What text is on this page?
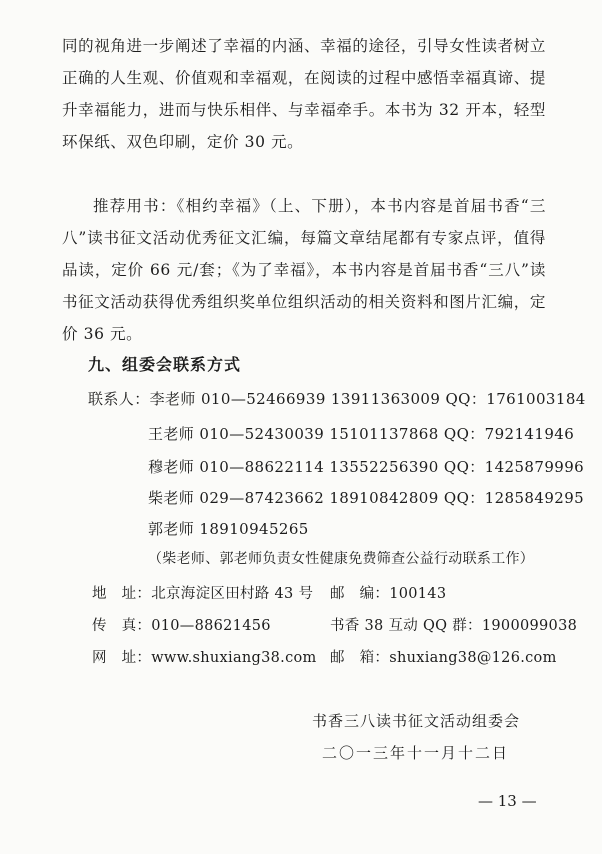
同的视角进一步阐述了幸福的内涵、幸福的途径，引导女性读者树立正确的人生观、价值观和幸福观，在阅读的过程中感悟幸福真谛、提升幸福能力，进而与快乐相伴、与幸福牵手。本书为 32 开本，轻型环保纸、双色印刷，定价 30 元。

推荐用书：《相约幸福》（上、下册），本书内容是首届书香“三八”读书征文活动优秀征文汇编，每篇文章结尾都有专家点评，值得品读，定价 66 元/套；《为了幸福》，本书内容是首届书香“三八”读书征文活动获得优秀组织奖单位组织活动的相关资料和图片汇编，定价 36 元。

九、组委会联系方式

联系人：李老师 010—52466939 13911363009 QQ：1761003184
王老师 010—52430039 15101137868 QQ：792141946
穆老师 010—88622114 13552256390 QQ：1425879996
柴老师 029—87423662 18910842809 QQ：1285849295
郭老师 18910945265
（柴老师、郭老师负责女性健康免费筛查公益行动联系工作）
地　址：北京海淀区田村路 43 号 邮　编：100143
传　真：010—88621456	书香 38 互动 QQ 群：1900099038
网　址：www.shuxiang38.com 邮　箱：shuxiang38@126.com
书香三八读书征文活动组委会
二〇一三年十一月十二日
— 13 —
